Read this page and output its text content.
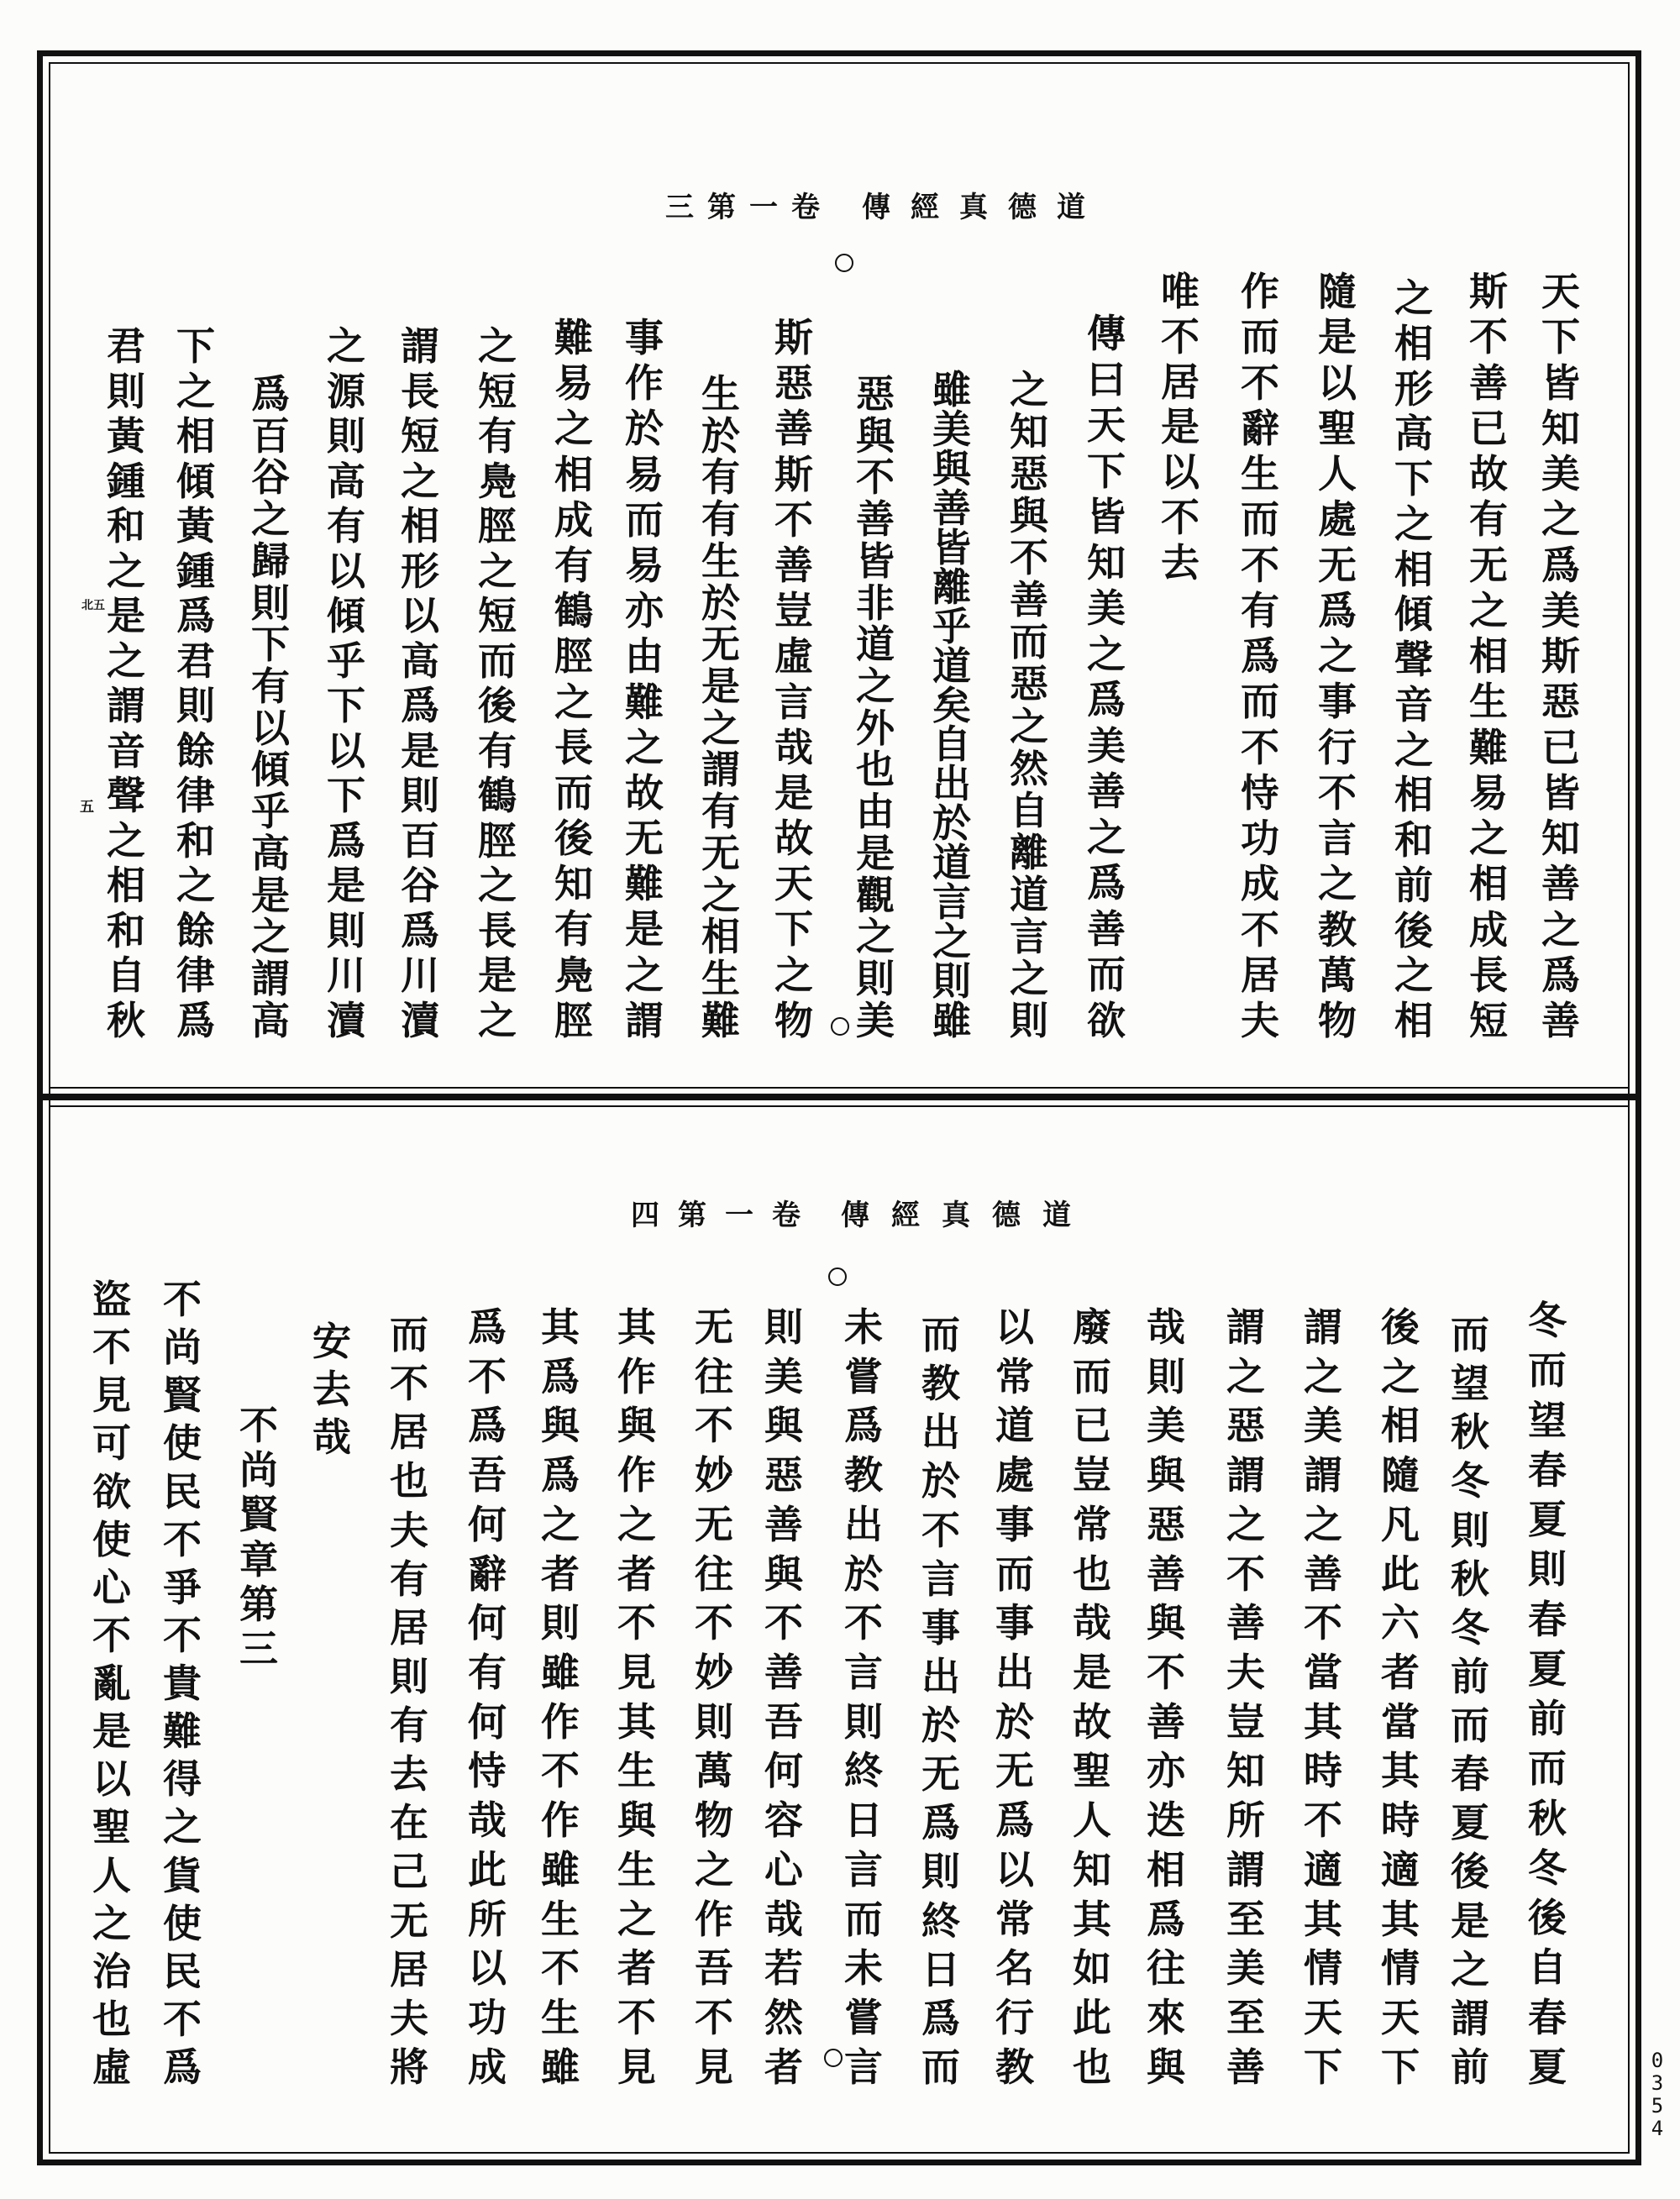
道
德
真
經
傳
卷
一
第
三
天
下
皆
知
美
之
爲
美
斯
惡
已
皆
知
善
之
爲
善
斯
不
善
已
故
有
无
之
相
生
難
易
之
相
成
長
短
之
相
形
高
下
之
相
傾
聲
音
之
相
和
前
後
之
相
隨
是
以
聖
人
處
无
爲
之
事
行
不
言
之
教
萬
物
作
而
不
辭
生
而
不
有
爲
而
不
恃
功
成
不
居
夫
唯
不
居
是
以
不
去
傳
曰
天
下
皆
知
美
之
爲
美
善
之
爲
善
而
欲
之
知
惡
與
不
善
而
惡
之
然
自
離
道
言
之
則
雖
美
與
善
皆
離
乎
道
矣
自
出
於
道
言
之
則
雖
惡
與
不
善
皆
非
道
之
外
也
由
是
觀
之
則
美
斯
惡
善
斯
不
善
豈
虛
言
哉
是
故
天
下
之
物
生
於
有
有
生
於
无
是
之
謂
有
无
之
相
生
難
事
作
於
易
而
易
亦
由
難
之
故
无
難
是
之
謂
難
易
之
相
成
有
鶴
脛
之
長
而
後
知
有
鳧
脛
之
短
有
鳧
脛
之
短
而
後
有
鶴
脛
之
長
是
之
謂
長
短
之
相
形
以
高
爲
是
則
百
谷
爲
川
瀆
之
源
則
高
有
以
傾
乎
下
以
下
爲
是
則
川
瀆
爲
百
谷
之
歸
則
下
有
以
傾
乎
高
是
之
謂
高
下
之
相
傾
黃
鍾
爲
君
則
餘
律
和
之
餘
律
爲
君
則
黃
鍾
和
之
是
之
謂
音
聲
之
相
和
自
秋
北五
五
道
德
真
經
傳
卷
一
第
四
冬
而
望
春
夏
則
春
夏
前
而
秋
冬
後
自
春
夏
而
望
秋
冬
則
秋
冬
前
而
春
夏
後
是
之
謂
前
後
之
相
隨
凡
此
六
者
當
其
時
適
其
情
天
下
謂
之
美
謂
之
善
不
當
其
時
不
適
其
情
天
下
謂
之
惡
謂
之
不
善
夫
豈
知
所
謂
至
美
至
善
哉
則
美
與
惡
善
與
不
善
亦
迭
相
爲
往
來
與
廢
而
已
豈
常
也
哉
是
故
聖
人
知
其
如
此
也
以
常
道
處
事
而
事
出
於
无
爲
以
常
名
行
教
而
教
出
於
不
言
事
出
於
无
爲
則
終
日
爲
而
未
嘗
爲
教
出
於
不
言
則
終
日
言
而
未
嘗
言
則
美
與
惡
善
與
不
善
吾
何
容
心
哉
若
然
者
无
往
不
妙
无
往
不
妙
則
萬
物
之
作
吾
不
見
其
作
與
作
之
者
不
見
其
生
與
生
之
者
不
見
其
爲
與
爲
之
者
則
雖
作
不
作
雖
生
不
生
雖
爲
不
爲
吾
何
辭
何
有
何
恃
哉
此
所
以
功
成
而
不
居
也
夫
有
居
則
有
去
在
己
无
居
夫
將
安
去
哉
不
尚
賢
章
第
三
不
尚
賢
使
民
不
爭
不
貴
難
得
之
貨
使
民
不
爲
盜
不
見
可
欲
使
心
不
亂
是
以
聖
人
之
治
也
虛	0
3
5
4
